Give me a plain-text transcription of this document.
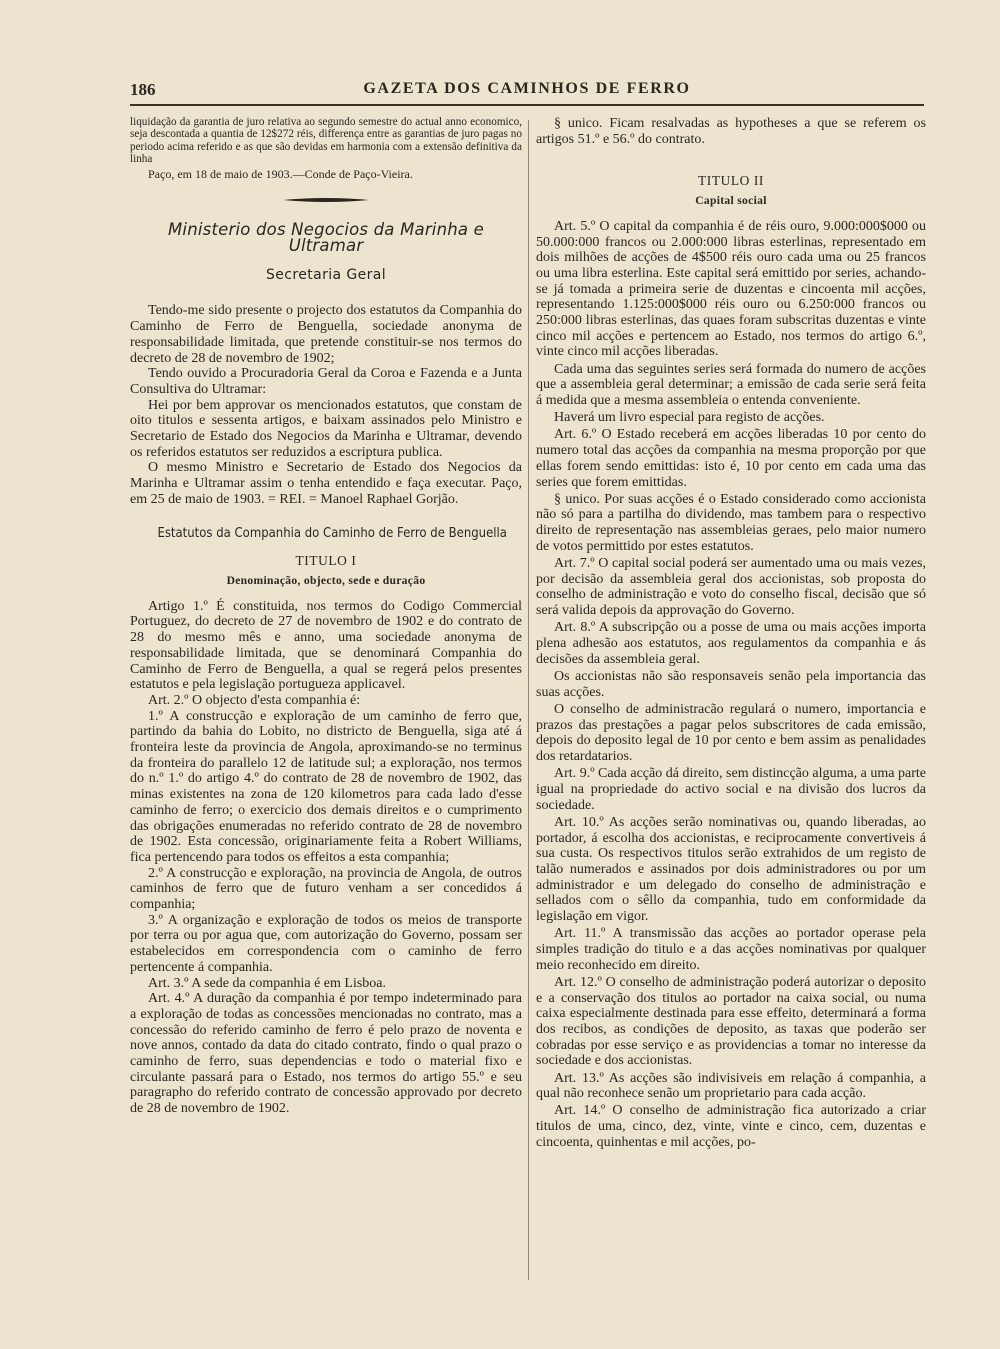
186	GAZETA DOS CAMINHOS DE FERRO

liquidação da garantia de juro relativa ao segundo semestre do actual anno economico, seja descontada a quantia de 12$272 réis, differença entre as garantias de juro pagas no periodo acima referido e as que são devidas em harmonia com a extensão definitiva da linha

Paço, em 18 de maio de 1903.—Conde de Paço-Vieira.

Ministerio dos Negocios da Marinha e Ultramar
Secretaria Geral

Tendo-me sido presente o projecto dos estatutos da Companhia do Caminho de Ferro de Benguella, sociedade anonyma de responsabilidade limitada, que pretende constituir-se nos termos do decreto de 28 de novembro de 1902;

Tendo ouvido a Procuradoria Geral da Coroa e Fazenda e a Junta Consultiva do Ultramar:

Hei por bem approvar os mencionados estatutos, que constam de oito titulos e sessenta artigos, e baixam assinados pelo Ministro e Secretario de Estado dos Negocios da Marinha e Ultramar, devendo os referidos estatutos ser reduzidos a escriptura publica.

O mesmo Ministro e Secretario de Estado dos Negocios da Marinha e Ultramar assim o tenha entendido e faça executar. Paço, em 25 de maio de 1903. = REI. = Manoel Raphael Gorjão.

Estatutos da Companhia do Caminho de Ferro de Benguella
TITULO I
Denominação, objecto, sede e duração

Artigo 1.º É constituida, nos termos do Codigo Commercial Portuguez, do decreto de 27 de novembro de 1902 e do contrato de 28 do mesmo mês e anno, uma sociedade anonyma de responsabilidade limitada, que se denominará Companhia do Caminho de Ferro de Benguella, a qual se regerá pelos presentes estatutos e pela legislação portugueza applicavel.

Art. 2.º O objecto d'esta companhia é:

1.º A construcção e exploração de um caminho de ferro que, partindo da bahia do Lobito, no districto de Benguella, siga até á fronteira leste da provincia de Angola, aproximando-se no terminus da fronteira do parallelo 12 de latitude sul; a exploração, nos termos do n.º 1.º do artigo 4.º do contrato de 28 de novembro de 1902, das minas existentes na zona de 120 kilometros para cada lado d'esse caminho de ferro; o exercicio dos demais direitos e o cumprimento das obrigações enumeradas no referido contrato de 28 de novembro de 1902. Esta concessão, originariamente feita a Robert Williams, fica pertencendo para todos os effeitos a esta companhia;

2.º A construcção e exploração, na provincia de Angola, de outros caminhos de ferro que de futuro venham a ser concedidos á companhia;

3.º A organização e exploração de todos os meios de transporte por terra ou por agua que, com autorização do Governo, possam ser estabelecidos em correspondencia com o caminho de ferro pertencente á companhia.

Art. 3.º A sede da companhia é em Lisboa.

Art. 4.º A duração da companhia é por tempo indeterminado para a exploração de todas as concessões mencionadas no contrato, mas a concessão do referido caminho de ferro é pelo prazo de noventa e nove annos, contado da data do citado contrato, findo o qual prazo o caminho de ferro, suas dependencias e todo o material fixo e circulante passará para o Estado, nos termos do artigo 55.º e seu paragrapho do referido contrato de concessão approvado por decreto de 28 de novembro de 1902.

§ unico. Ficam resalvadas as hypotheses a que se referem os artigos 51.º e 56.º do contrato.

TITULO II
Capital social

Art. 5.º O capital da companhia é de réis ouro, 9.000:000$000 ou 50.000:000 francos ou 2.000:000 libras esterlinas, representado em dois milhões de acções de 4$500 réis ouro cada uma ou 25 francos ou uma libra esterlina. Este capital será emittido por series, achando-se já tomada a primeira serie de duzentas e cincoenta mil acções, representando 1.125:000$000 réis ouro ou 6.250:000 francos ou 250:000 libras esterlinas, das quaes foram subscritas duzentas e vinte cinco mil acções e pertencem ao Estado, nos termos do artigo 6.º, vinte cinco mil acções liberadas.

Cada uma das seguintes series será formada do numero de acções que a assembleia geral determinar; a emissão de cada serie será feita á medida que a mesma assembleia o entenda conveniente.

Haverá um livro especial para registo de acções.

Art. 6.º O Estado receberá em acções liberadas 10 por cento do numero total das acções da companhia na mesma proporção por que ellas forem sendo emittidas: isto é, 10 por cento em cada uma das series que forem emittidas.

§ unico. Por suas acções é o Estado considerado como accionista não só para a partilha do dividendo, mas tambem para o respectivo direito de representação nas assembleias geraes, pelo maior numero de votos permittido por estes estatutos.

Art. 7.º O capital social poderá ser aumentado uma ou mais vezes, por decisão da assembleia geral dos accionistas, sob proposta do conselho de administração e voto do conselho fiscal, decisão que só será valida depois da approvação do Governo.

Art. 8.º A subscripção ou a posse de uma ou mais acções importa plena adhesão aos estatutos, aos regulamentos da companhia e ás decisões da assembleia geral.

Os accionistas não são responsaveis senão pela importancia das suas acções.

O conselho de administracão regulará o numero, importancia e prazos das prestações a pagar pelos subscritores de cada emissão, depois do deposito legal de 10 por cento e bem assim as penalidades dos retardatarios.

Art. 9.º Cada acção dá direito, sem distincção alguma, a uma parte igual na propriedade do activo social e na divisão dos lucros da sociedade.

Art. 10.º As acções serão nominativas ou, quando liberadas, ao portador, á escolha dos accionistas, e reciprocamente convertiveis á sua custa. Os respectivos titulos serão extrahidos de um registo de talão numerados e assinados por dois administradores ou por um administrador e um delegado do conselho de administração e sellados com o sêllo da companhia, tudo em conformidade da legislação em vigor.

Art. 11.º A transmissão das acções ao portador operase pela simples tradição do titulo e a das acções nominativas por qualquer meio reconhecido em direito.

Art. 12.º O conselho de administração poderá autorizar o deposito e a conservação dos titulos ao portador na caixa social, ou numa caixa especialmente destinada para esse effeito, determinará a forma dos recibos, as condições de deposito, as taxas que poderão ser cobradas por esse serviço e as providencias a tomar no interesse da sociedade e dos accionistas.

Art. 13.º As acções são indivisiveis em relação á companhia, a qual não reconhece senão um proprietario para cada acção.

Art. 14.º O conselho de administração fica autorizado a criar titulos de uma, cinco, dez, vinte, vinte e cinco, cem, duzentas e cincoenta, quinhentas e mil acções, po-
